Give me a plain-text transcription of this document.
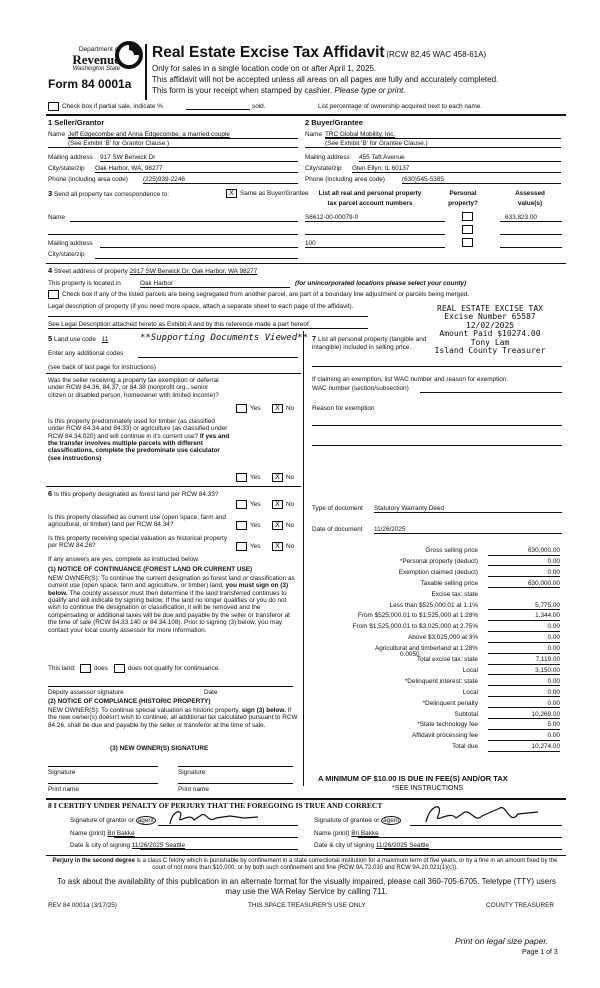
Department of
Revenue
Washington State
Form 84 0001a
Real Estate Excise Tax Affidavit (RCW 82.45 WAC 458-61A)
Only for sales in a single location code on or after April 1, 2025.
This affidavit will not be accepted unless all areas on all pages are fully and accurately completed.
This form is your receipt when stamped by cashier. Please type or print.
Check box if partial sale, indicate %	sold.	List percentage of ownership acquired next to each name.
1 Seller/Grantor
Name Jeff Edgecombe and Anna Edgecombe, a married couple
(See Exhibit 'B' for Grantor Clause.)
Mailing address 917 SW Berwick Dr
City/state/zip Oak Harbor, WA, 98277
Phone (including area code) (225)939-2246
2 Buyer/Grantee
Name TRC Global Mobility, Inc.
(See Exhibit 'B' for Grantee Clause.)
Mailing address 455 Taft Avenue
City/state/zip Glen Ellyn, IL 60137
Phone (including area code)	(630)545-5385
3 Send all property tax correspondence to:	X Same as Buyer/Grantee
Name
Mailing address
City/state/zip
List all real and personal property
tax parcel account numbers
Personal
property?
Assessed
value(s)
S6612-00-00079-0	633,823.00
100
4 Street address of property 2917 SW Berwick Dr, Oak Harbor, WA 98277
This property is located in	Oak Harbor	(for unincorporated locations please select your county)
Check box if any of the listed parcels are being segregated from another parcel, are part of a boundary line adjustment or parcels being merged.
Legal description of property (if you need more space, attach a separate sheet to each page of the affidavit).
See Legal Description attached hereto as Exhibit A and by this reference made a part hereof
REAL ESTATE EXCISE TAX
Excise Number 65587
12/02/2025
Amount Paid $10274.00
Tony Lam
Island County Treasurer
5 Land use code 11	**Supporting Documents Viewed**
Enter any additional codes
(see back of last page for instructions)
Was the seller receiving a property tax exemption or deferral under RCW 84.36, 84.37, or 84.38 (nonprofit org., senior citizen or disabled person, homeowner with limited income)?
Yes	X No
Is this property predominately used for timber (as classified under RCW 84.34 and 84.33) or agriculture (as classified under RCW 84.34.020) and will continue in it's current use? If yes and the transfer involves multiple parcels with different classifications, complete the predominate use calculator (see instructions)
Yes	X No
7 List all personal property (tangible and intangible) included in selling price.
If claiming an exemption, list WAC number and reason for exemption.
WAC number (section/subsection)
Reason for exemption
6 Is this property designated as forest land per RCW 84.33?
Yes	X No
Is this property classified as current use (open space, farm and agricultural, or timber) land per RCW 84.34?	Yes	X No
Is this property receiving special valuation as historical property per RCW 84.26?	Yes	X No
If any answers are yes, complete as instructed below.
(1) NOTICE OF CONTINUANCE (FOREST LAND OR CURRENT USE)
NEW OWNER(S): To continue the current designation as forest land or classification as current use (open space, farm and agriculture, or timber) land, you must sign on (3) below. The county assessor must then determine if the land transferred continues to qualify and will indicate by signing below. If the land no longer qualifies or you do not wish to continue the designation or classification, it will be removed and the compensating or additional taxes will be due and payable by the seller or transferor at the time of sale (RCW 84.33.140 or 84.34.108). Prior to signing (3) below, you may contact your local county assessor for more information.
This land:	does	does not qualify for continuance.
Deputy assessor signature	Date
(2) NOTICE OF COMPLIANCE (HISTORIC PROPERTY)
NEW OWNER(S): To continue special valuation as historic property, sign (3) below. If the new owner(s) doesn't wish to continue, all additional tax calculated pursuant to RCW 84.26, shall be due and payable by the seller or transferor at the time of sale.
(3) NEW OWNER(S) SIGNATURE
Signature	Signature
Print name	Print name
Type of document Statutory Warranty Deed
Date of document 11/26/2025
Gross selling price	630,000.00
*Personal property (deduct)	0.00
Exemption claimed (deduct)	0.00
Taxable selling price	630,000.00
Excise tax: state
Less than $525,000.01 at 1.1%	5,775.00
From $525,000.01 to $1,525,000 at 1.28%	1,344.00
From $1,525,000.01 to $3,025,000 at 2.75%	0.00
Above $3,025,000 at 3%	0.00
Agricultural and timberland at 1.28%	0.00
Total excise tax: state	7,119.00
Local	3,150.00
*Delinquent interest: state	0.00
Local	0.00
*Delinquent penalty	0.00
Subtotal	10,269.00
*State technology fee	5.00
Affidavit processing fee	0.00
Total due	10,274.00
0.0050
A MINIMUM OF $10.00 IS DUE IN FEE(S) AND/OR TAX
*SEE INSTRUCTIONS
8 I CERTIFY UNDER PENALTY OF PERJURY THAT THE FOREGOING IS TRUE AND CORRECT
Signature of grantor or agent	Signature of grantee or agent
Name (print) Bri Bakke	Name (print) Bri Bakke
Date & city of signing 11/26/2025 Seattle	Date & city of signing 11/26/2025 Seattle
Perjury in the second degree is a class C felony which is punishable by confinement in a state correctional institution for a maximum term of five years, or by a fine in an amount fixed by the court of not more than $10,000, or by both such confinement and fine (RCW 9A.72.030 and RCW 9A.20.021(1)(c)).
To ask about the availability of this publication in an alternate format for the visually impaired, please call 360-705-6705. Teletype (TTY) users may use the WA Relay Service by calling 711.
REV 84 0001a (3/17/25)	THIS SPACE TREASURER'S USE ONLY	COUNTY TREASURER
Print on legal size paper.
Page 1 of 3
